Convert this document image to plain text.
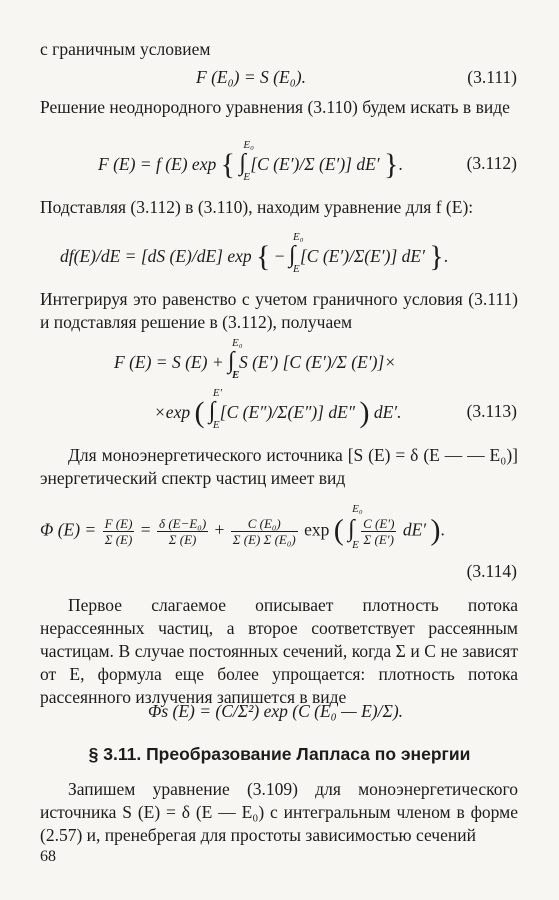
с граничным условием
F (E₀) = S (E₀).	(3.111)
Решение неоднородного уравнения (3.110) будем искать в виде
F (E) = f (E) exp { ∫
E₀
E
[C (E′)/Σ (E′)] dE′ }.	(3.112)
Подставляя (3.112) в (3.110), находим уравнение для f (E):
df(E)/dE = [dS (E)/dE] exp { − ∫
E₀
E
[C (E′)/Σ(E′)] dE′ }.
Интегрируя это равенство с учетом граничного условия (3.111) и подставляя решение в (3.112), получаем
F (E) = S (E) + ∫
E₀
E
S (E′) [C (E′)/Σ (E′)]×
×exp ( ∫
E′
E
[C (E″)/Σ(E″)] dE″ ) dE′.	(3.113)
Для моноэнергетического источника [S (E) = δ (E — — E₀)] энергетический спектр частиц имеет вид
Φ $(E) = \frac{F (E)}{\Sigma (E)} = \frac{\text{δ (E−E₀)}}{\Sigma (E)} + \frac{\text{C (E₀)}}{\text{Σ (E) Σ (E₀)}}$ exp ( ∫
E₀
E
$\frac{C (E')}{\Sigma (E')} dE'$ ).
(3.114)
Первое слагаемое описывает плотность потока нерассеянных частиц, а второе соответствует рассеянным частицам. В случае постоянных сечений, когда Σ и C не зависят от E, формула еще более упрощается: плотность потока рассеянного излучения запишется в виде
Φs (E) = (C/Σ²) exp (C (E₀ — E)/Σ).
§ 3.11. Преобразование Лапласа по энергии
Запишем уравнение (3.109) для моноэнергетического источника S (E) = δ (E — E₀) с интегральным членом в форме (2.57) и, пренебрегая для простоты зависимостью сечений
68
